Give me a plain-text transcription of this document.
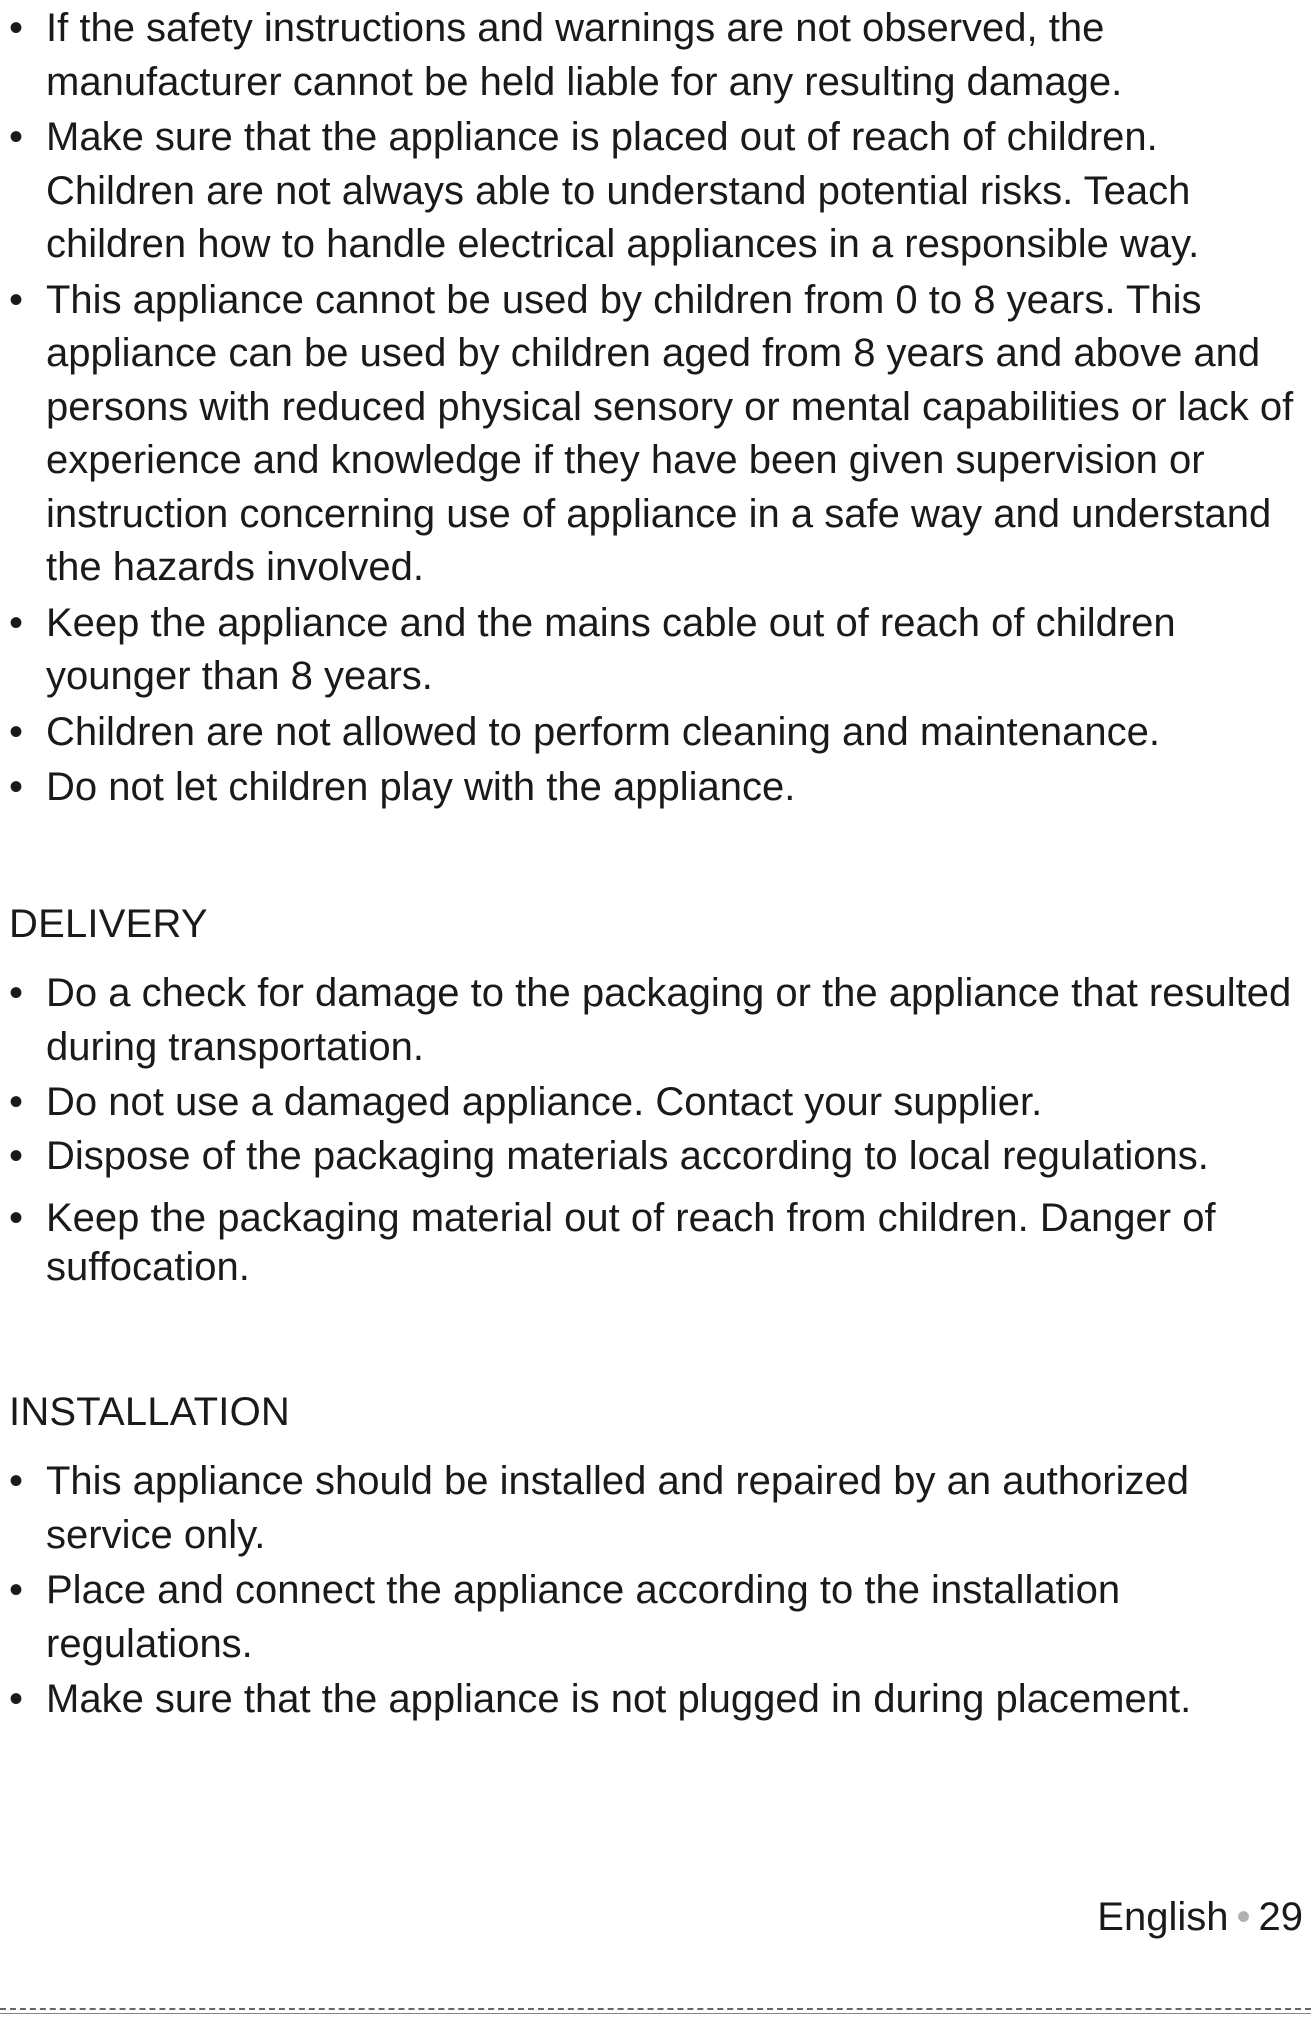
• If the safety instructions and warnings are not observed, the manufacturer cannot be held liable for any resulting damage.
• Make sure that the appliance is placed out of reach of children. Children are not always able to understand potential risks. Teach children how to handle electrical appliances in a responsible way.
• This appliance cannot be used by children from 0 to 8 years. This appliance can be used by children aged from 8 years and above and persons with reduced physical sensory or mental capabilities or lack of experience and knowledge if they have been given supervision or instruction concerning use of appliance in a safe way and understand the hazards involved.
• Keep the appliance and the mains cable out of reach of children younger than 8 years.
• Children are not allowed to perform cleaning and maintenance.
• Do not let children play with the appliance.
DELIVERY
• Do a check for damage to the packaging or the appliance that resulted during transportation.
• Do not use a damaged appliance. Contact your supplier.
• Dispose of the packaging materials according to local regulations.
• Keep the packaging material out of reach from children. Danger of suffocation.
INSTALLATION
• This appliance should be installed and repaired by an authorized service only.
• Place and connect the appliance according to the installation regulations.
• Make sure that the appliance is not plugged in during placement.
English • 29
